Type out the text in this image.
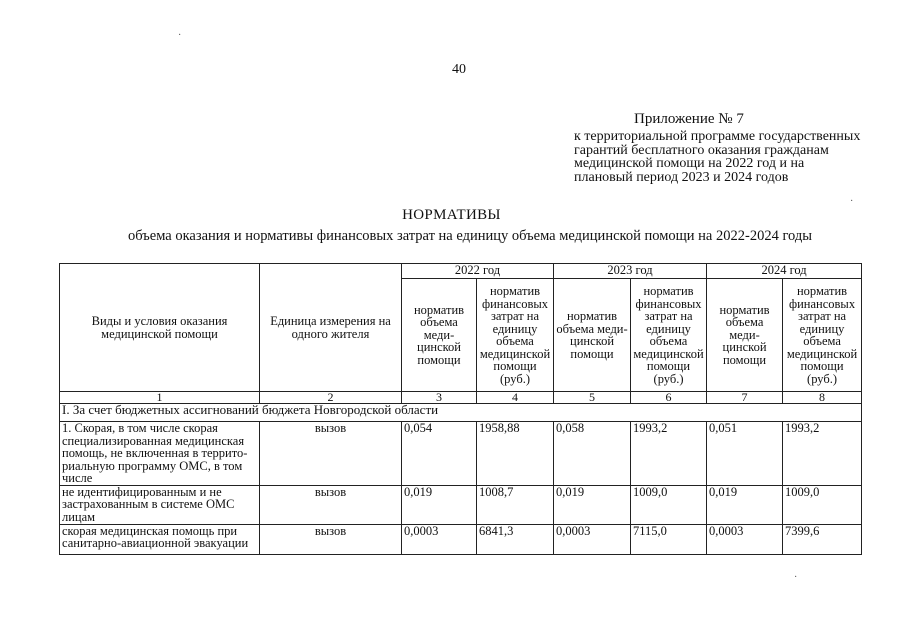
40
Приложение № 7
к территориальной программе государственных гарантий бесплатного оказания гражданам медицинской помощи на 2022 год и на плановый период 2023 и 2024 годов
НОРМАТИВЫ
объема оказания и нормативы финансовых затрат на единицу объема медицинской помощи на 2022-2024 годы
Виды и условия оказания медицинской помощи	Единица измерения на одного жителя	2022 год		2023 год		2024 год	
		норматив объема меди-цинской помощи	норматив финансовых затрат на единицу объема медицинской помощи (руб.)	норматив объема меди-цинской помощи	норматив финансовых затрат на единицу объема медицинской помощи (руб.)	норматив объема меди-цинской помощи	норматив финансовых затрат на единицу объема медицинской помощи (руб.)
1	2	3	4	5	6	7	8
I. За счет бюджетных ассигнований бюджета Новгородской области							
1. Скорая, в том числе скорая специализированная медицинская помощь, не включенная в террито-риальную программу ОМС, в том числе	вызов	0,054	1958,88	0,058	1993,2	0,051	1993,2
не идентифицированным и не застрахованным в системе ОМС лицам	вызов	0,019	1008,7	0,019	1009,0	0,019	1009,0
скорая медицинская помощь при санитарно-авиационной эвакуации	вызов	0,0003	6841,3	0,0003	7115,0	0,0003	7399,6
·
·
·
